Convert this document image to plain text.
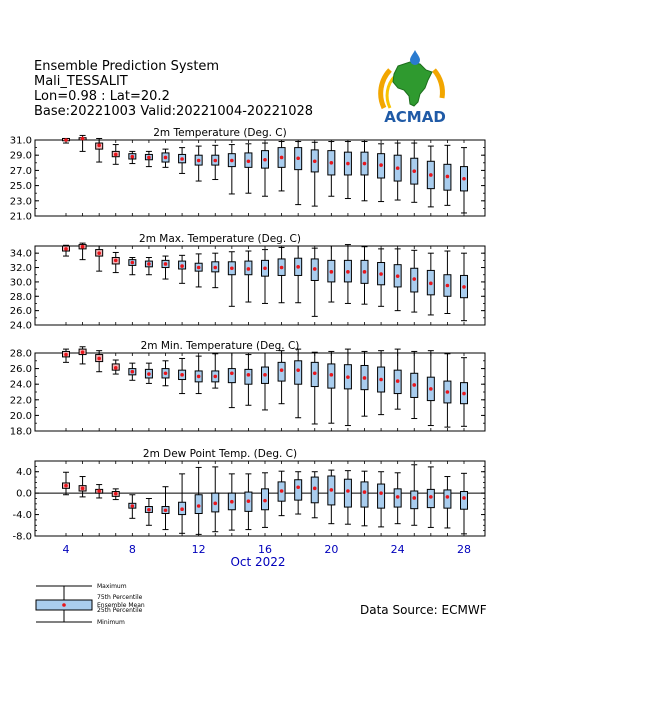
Ensemble Prediction System
Mali_TESSALIT
Lon=0.98 : Lat=20.2
Base:20221003 Valid:20221004-20221028	ACMAD
2m Temperature (Deg. C)
31.0
29.0
27.0
25.0
23.0
21.0
2m Max. Temperature (Deg. C)
34.0
32.0
30.0
28.0
26.0
24.0
2m Min. Temperature (Deg. C)
28.0
26.0
24.0
22.0
20.0
18.0
2m Dew Point Temp. (Deg. C)
4.0
0.0
-4.0
-8.0
4	8	12	16	20	24	28
Oct 2022
Maximum
75th Percentile
Ensemble Mean
25th Percentile
Minimum
Data Source: ECMWF
